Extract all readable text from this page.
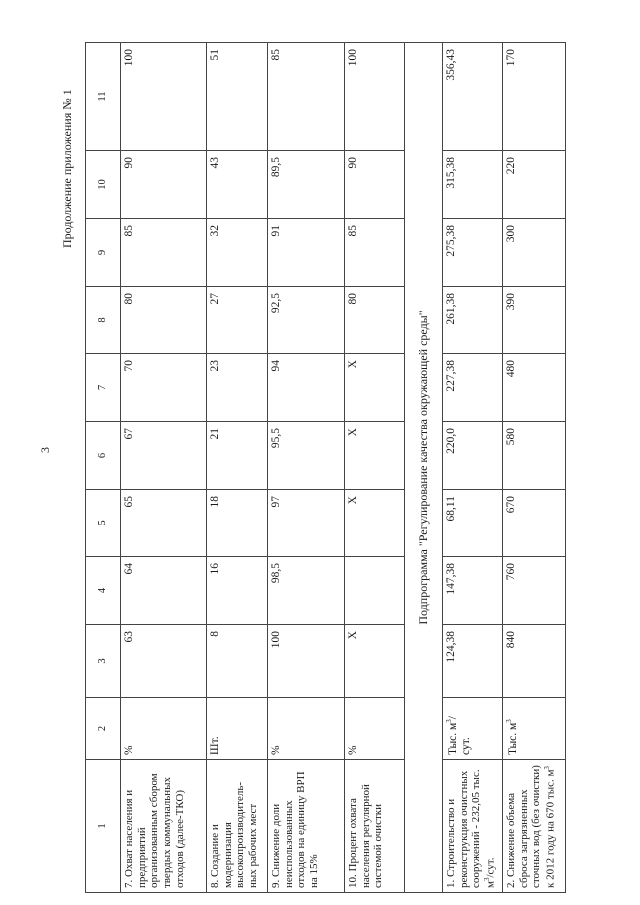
3
Продолжение приложения № 1
1	2	3	4	5	6	7	8	9	10	11
7. Охват населения и предприятий организованным сбором твердых коммунальных отходов (далее-ТКО)	%	63	64	65	67	70	80	85	90	100
8. Создание и модернизация высокопроизводитель-ных рабочих мест	Шт.	8	16	18	21	23	27	32	43	51
9. Снижение доли неиспользованных отходов на единицу ВРП на 15%	%	100	98,5	97	95,5	94	92,5	91	89,5	85
10. Процент охвата населения регулярной системой очистки	%	X		X	X	X	80	85	90	100
Подпрограмма "Регулирование качества окружающей среды"										
1. Строительство и реконструкция очистных сооружений - 232,05 тыс. $м^3$/сут.	Тыс. $м^3$/сут.	124,38	147,38	68,11	220,0	227,38	261,38	275,38	315,38	356,43
2. Снижение объема сброса загрязненных сточных вод (без очистки) к 2012 году на 670 тыс. $м^3$	Тыс. $м^3$	840	760	670	580	480	390	300	220	170
